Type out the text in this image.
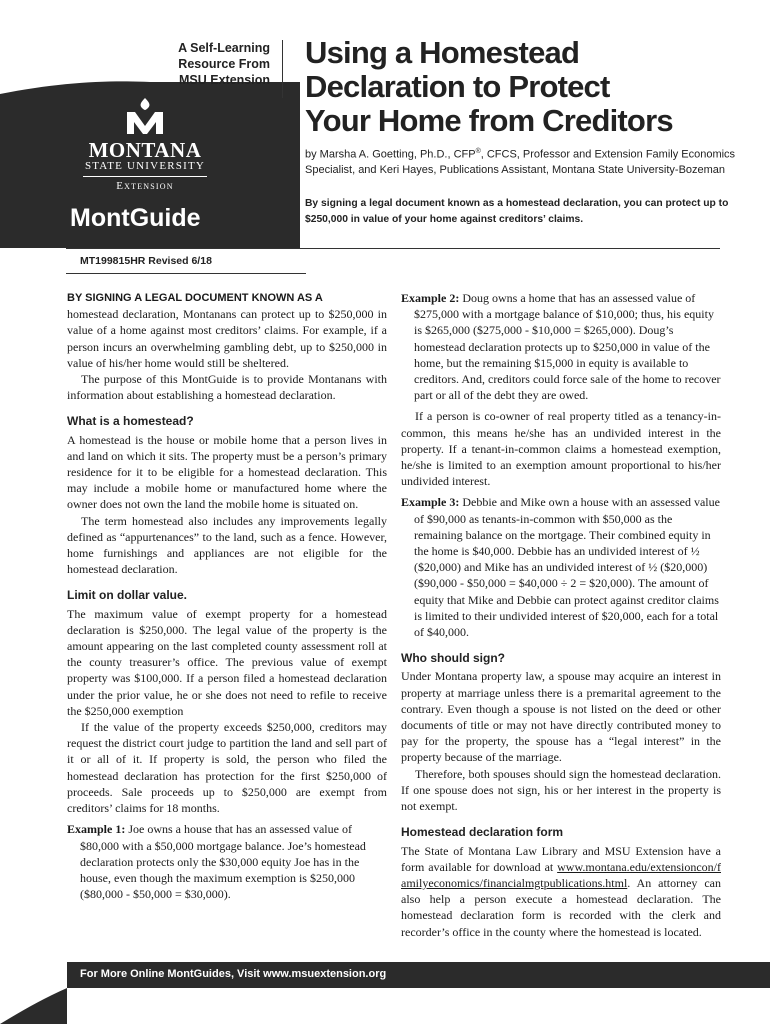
A Self-Learning
Resource From
MSU Extension
MONTANA
STATE UNIVERSITY
Extension
MontGuide
Using a Homestead
Declaration to Protect
Your Home from Creditors
by Marsha A. Goetting, Ph.D., CFP®, CFCS, Professor and Extension Family Economics Specialist, and Keri Hayes, Publications Assistant, Montana State University-Bozeman
By signing a legal document known as a homestead declaration, you can protect up to $250,000 in value of your home against creditors’ claims.
MT199815HR Revised 6/18
BY SIGNING A LEGAL DOCUMENT KNOWN AS A

homestead declaration, Montanans can protect up to $250,000 in value of a home against most creditors’ claims. For example, if a person incurs an overwhelming gambling debt, up to $250,000 in value of his/her home would still be sheltered.

The purpose of this MontGuide is to provide Montanans with information about establishing a homestead declaration.

What is a homestead?

A homestead is the house or mobile home that a person lives in and land on which it sits. The property must be a person’s primary residence for it to be eligible for a homestead declaration. This may include a mobile home or manufactured home where the owner does not own the land the mobile home is situated on.

The term homestead also includes any improvements legally defined as “appurtenances” to the land, such as a fence. However, home furnishings and appliances are not eligible for the homestead declaration.

Limit on dollar value.

The maximum value of exempt property for a homestead declaration is $250,000. The legal value of the property is the amount appearing on the last completed county assessment roll at the county treasurer’s office. The previous value of exempt property was $100,000. If a person filed a homestead declaration under the prior value, he or she does not need to refile to receive the $250,000 exemption

If the value of the property exceeds $250,000, creditors may request the district court judge to partition the land and sell part of it or all of it. If property is sold, the person who filed the homestead declaration has protection for the first $250,000 of proceeds. Sale proceeds up to $250,000 are exempt from creditors’ claims for 18 months.

Example 1: Joe owns a house that has an assessed value of $80,000 with a $50,000 mortgage balance. Joe’s homestead declaration protects only the $30,000 equity Joe has in the house, even though the maximum exemption is $250,000 ($80,000 - $50,000 = $30,000).

Example 2: Doug owns a home that has an assessed value of $275,000 with a mortgage balance of $10,000; thus, his equity is $265,000 ($275,000 - $10,000 = $265,000). Doug’s homestead declaration protects up to $250,000 in value of the home, but the remaining $15,000 in equity is available to creditors. And, creditors could force sale of the home to recover part or all of the debt they are owed.

If a person is co-owner of real property titled as a tenancy-in-common, this means he/she has an undivided interest in the property. If a tenant-in-common claims a homestead exemption, he/she is limited to an exemption amount proportional to his/her undivided interest.

Example 3: Debbie and Mike own a house with an assessed value of $90,000 as tenants-in-common with $50,000 as the remaining balance on the mortgage. Their combined equity in the home is $40,000. Debbie has an undivided interest of ½ ($20,000) and Mike has an undivided interest of ½ ($20,000) ($90,000 - $50,000 = $40,000 ÷ 2 = $20,000). The amount of equity that Mike and Debbie can protect against creditor claims is limited to their undivided interest of $20,000, each for a total of $40,000.

Who should sign?

Under Montana property law, a spouse may acquire an interest in property at marriage unless there is a premarital agreement to the contrary. Even though a spouse is not listed on the deed or other documents of title or may not have directly contributed money to pay for the property, the spouse has a “legal interest” in the property because of the marriage.

Therefore, both spouses should sign the homestead declaration. If one spouse does not sign, his or her interest in the property is not exempt.

Homestead declaration form

The State of Montana Law Library and MSU Extension have a form available for download at www.montana.edu/extensioncon/familyeconomics/financialmgtpublications.html. An attorney can also help a person execute a homestead declaration. The homestead declaration form is recorded with the clerk and recorder’s office in the county where the homestead is located.

For More Online MontGuides, Visit www.msuextension.org
